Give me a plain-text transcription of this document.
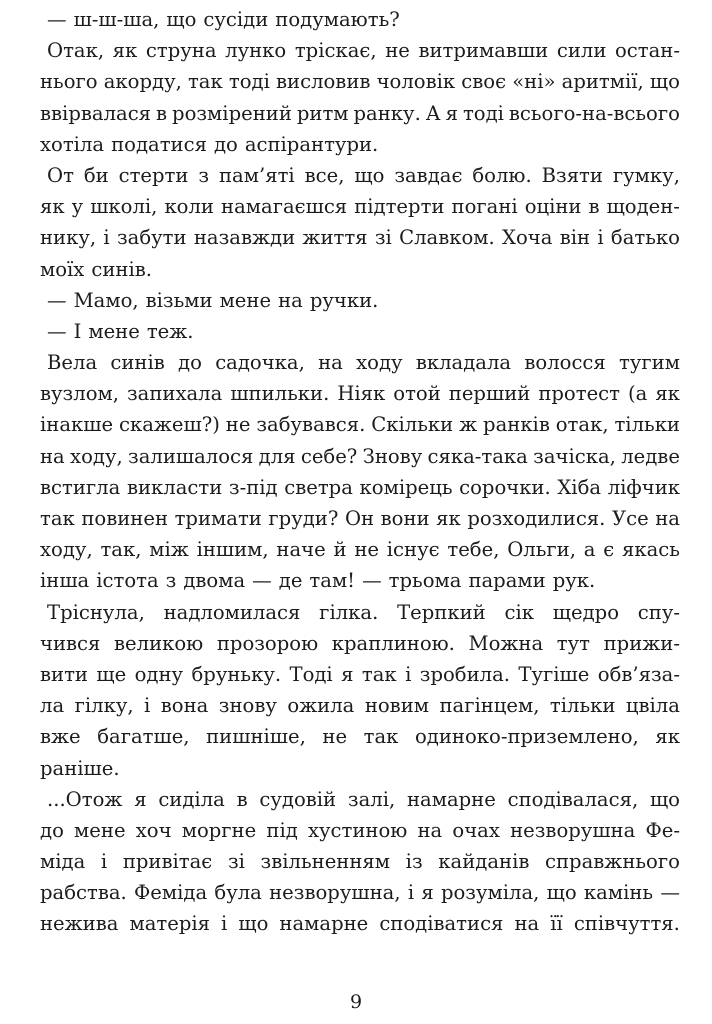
— ш-ш-ша, що сусіди подумають?
Отак, як струна лунко тріскає, не витримавши сили остан-
нього акорду, так тоді висловив чоловік своє «ні» аритмії, що
ввірвалася в розмірений ритм ранку. А я тоді всього-на-всього
хотіла податися до аспірантури.
От би стерти з пам’яті все, що завдає болю. Взяти гумку,
як у школі, коли намагаєшся підтерти погані оціни в щоден-
нику, і забути назавжди життя зі Славком. Хоча він і батько
моїх синів.
— Мамо, візьми мене на ручки.
— І мене теж.
Вела синів до садочка, на ходу вкладала волосся тугим
вузлом, запихала шпильки. Ніяк отой перший протест (а як
інакше скажеш?) не забувався. Скільки ж ранків отак, тільки
на ходу, залишалося для себе? Знову сяка-така зачіска, ледве
встигла викласти з-під светра комірець сорочки. Хіба ліфчик
так повинен тримати груди? Он вони як розходилися. Усе на
ходу, так, між іншим, наче й не існує тебе, Ольги, а є якась
інша істота з двома — де там! — трьома парами рук.
Тріснула, надломилася гілка. Терпкий сік щедро спу-
чився великою прозорою краплиною. Можна тут прижи-
вити ще одну бруньку. Тоді я так і зробила. Тугіше обв’яза-
ла гілку, і вона знову ожила новим пагінцем, тільки цвіла
вже багатше, пишніше, не так одиноко-приземлено, як
раніше.
...Отож я сиділа в судовій залі, намарне сподівалася, що
до мене хоч моргне під хустиною на очах незворушна Фе-
міда і привітає зі звільненням із кайданів справжнього
рабства. Феміда була незворушна, і я розуміла, що камінь —
нежива матерія і що намарне сподіватися на її співчуття.
9
